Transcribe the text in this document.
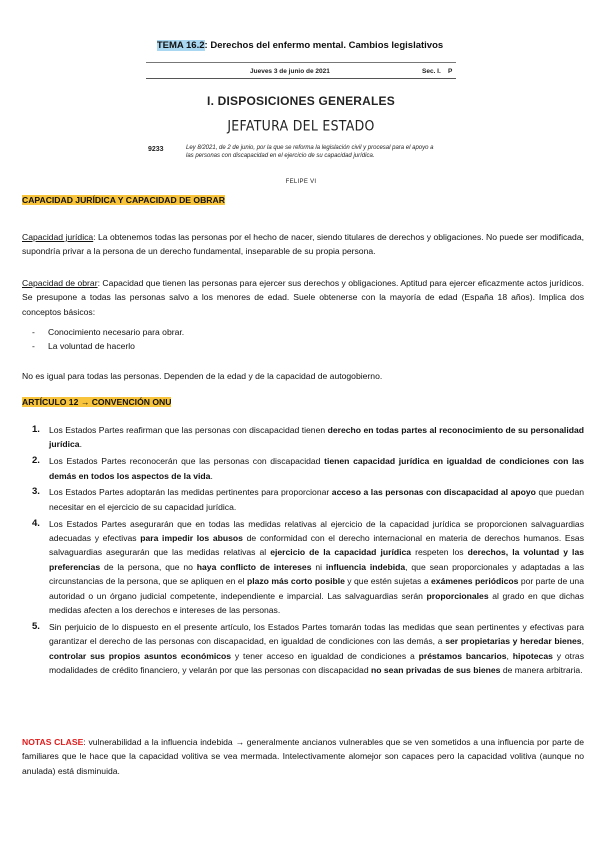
TEMA 16.2: Derechos del enfermo mental. Cambios legislativos
Jueves 3 de junio de 2021	Sec. I. P
I. DISPOSICIONES GENERALES
JEFATURA DEL ESTADO
9233	Ley 8/2021, de 2 de junio, por la que se reforma la legislación civil y procesal para el apoyo a las personas con discapacidad en el ejercicio de su capacidad jurídica.
FELIPE VI
CAPACIDAD JURÍDICA Y CAPACIDAD DE OBRAR
Capacidad jurídica: La obtenemos todas las personas por el hecho de nacer, siendo titulares de derechos y obligaciones. No puede ser modificada, supondría privar a la persona de un derecho fundamental, inseparable de su propia persona.
Capacidad de obrar: Capacidad que tienen las personas para ejercer sus derechos y obligaciones. Aptitud para ejercer eficazmente actos jurídicos. Se presupone a todas las personas salvo a los menores de edad. Suele obtenerse con la mayoría de edad (España 18 años). Implica dos conceptos básicos:
- Conocimiento necesario para obrar.
- La voluntad de hacerlo
No es igual para todas las personas. Dependen de la edad y de la capacidad de autogobierno.
ARTÍCULO 12 → CONVENCIÓN ONU
1. Los Estados Partes reafirman que las personas con discapacidad tienen derecho en todas partes al reconocimiento de su personalidad jurídica.
2. Los Estados Partes reconocerán que las personas con discapacidad tienen capacidad jurídica en igualdad de condiciones con las demás en todos los aspectos de la vida.
3. Los Estados Partes adoptarán las medidas pertinentes para proporcionar acceso a las personas con discapacidad al apoyo que puedan necesitar en el ejercicio de su capacidad jurídica.
4. Los Estados Partes asegurarán que en todas las medidas relativas al ejercicio de la capacidad jurídica se proporcionen salvaguardias adecuadas y efectivas para impedir los abusos de conformidad con el derecho internacional en materia de derechos humanos. Esas salvaguardias asegurarán que las medidas relativas al ejercicio de la capacidad jurídica respeten los derechos, la voluntad y las preferencias de la persona, que no haya conflicto de intereses ni influencia indebida, que sean proporcionales y adaptadas a las circunstancias de la persona, que se apliquen en el plazo más corto posible y que estén sujetas a exámenes periódicos por parte de una autoridad o un órgano judicial competente, independiente e imparcial. Las salvaguardias serán proporcionales al grado en que dichas medidas afecten a los derechos e intereses de las personas.
5. Sin perjuicio de lo dispuesto en el presente artículo, los Estados Partes tomarán todas las medidas que sean pertinentes y efectivas para garantizar el derecho de las personas con discapacidad, en igualdad de condiciones con las demás, a ser propietarias y heredar bienes, controlar sus propios asuntos económicos y tener acceso en igualdad de condiciones a préstamos bancarios, hipotecas y otras modalidades de crédito financiero, y velarán por que las personas con discapacidad no sean privadas de sus bienes de manera arbitraria.
NOTAS CLASE: vulnerabilidad a la influencia indebida → generalmente ancianos vulnerables que se ven sometidos a una influencia por parte de familiares que le hace que la capacidad volitiva se vea mermada. Intelectivamente alomejor son capaces pero la capacidad volitiva (aunque no anulada) está disminuida.
